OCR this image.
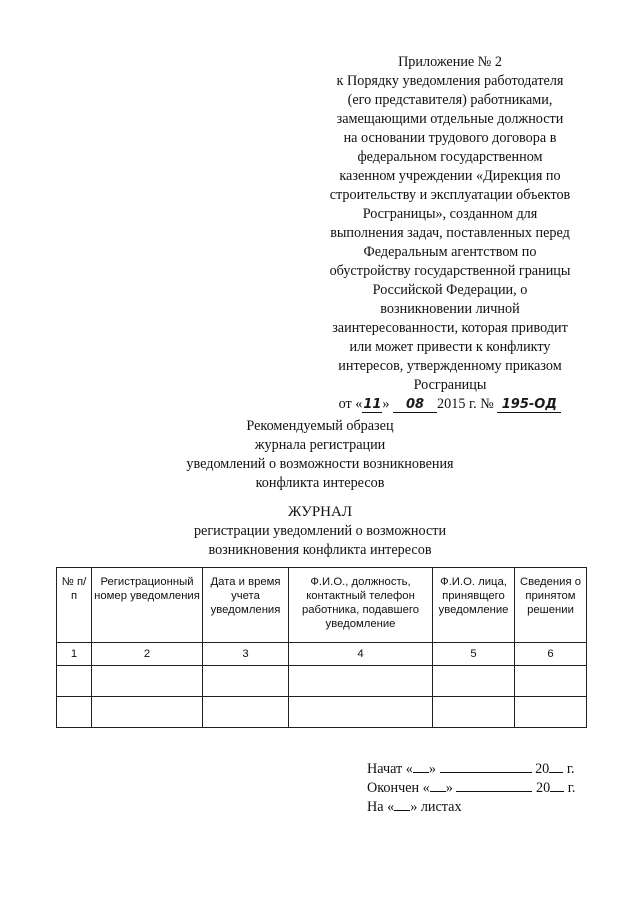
Приложение № 2
к Порядку уведомления работодателя
(его представителя) работниками,
замещающими отдельные должности
на основании трудового договора в
федеральном государственном
казенном учреждении «Дирекция по
строительству и эксплуатации объектов
Росграницы», созданном для
выполнения задач, поставленных перед
Федеральным агентством по
обустройству государственной границы
Российской Федерации, о
возникновении личной
заинтересованности, которая приводит
или может привести к конфликту
интересов, утвержденному приказом
Росграницы
от «11» 08 2015 г. № 195-ОД
Рекомендуемый образец
журнала регистрации
уведомлений о возможности возникновения
конфликта интересов
ЖУРНАЛ
регистрации уведомлений о возможности
возникновения конфликта интересов
№ п/п	Регистрационный номер уведомления	Дата и время учета уведомления	Ф.И.О., должность, контактный телефон работника, подавшего уведомление	Ф.И.О. лица, принявщего уведомление	Сведения о принятом решении
1	2	3	4	5	6

Начат « »	20 г.
Окончен « »	20 г.
На « » листах
